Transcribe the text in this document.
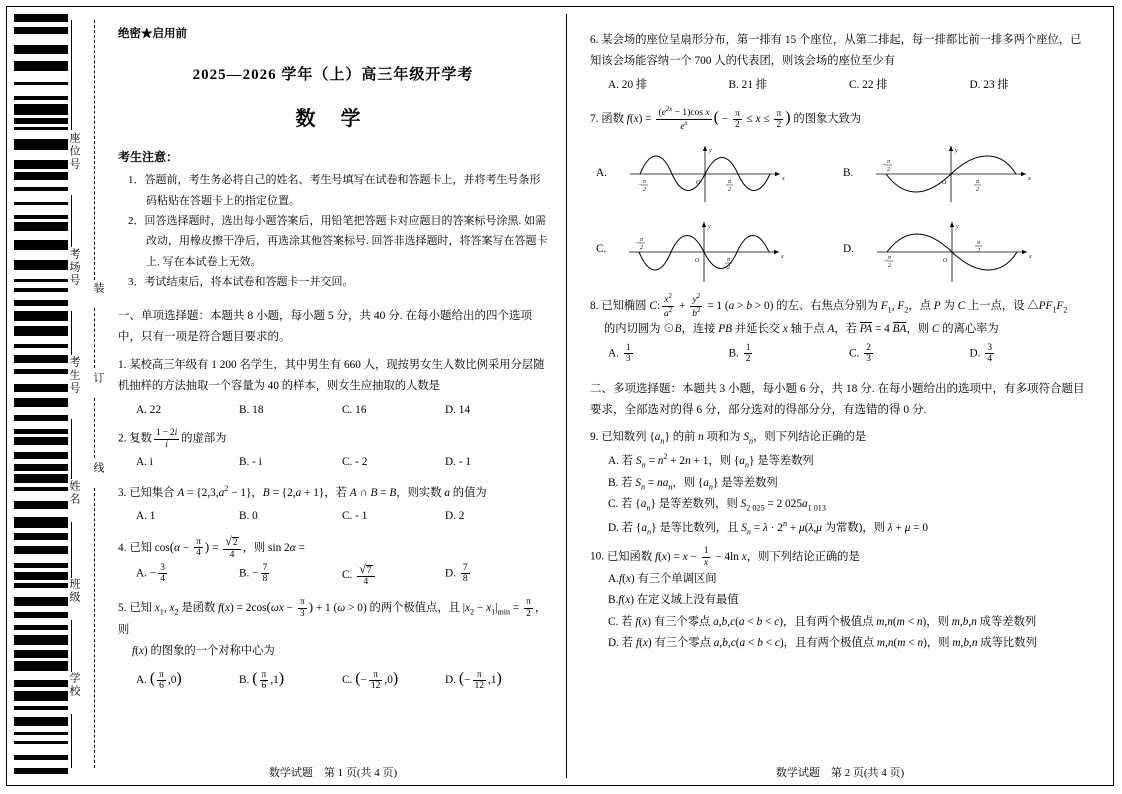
座位号
考场号
考生号
姓名
班级
学校
装
订
线
绝密★启用前
2025—2026 学年（上）高三年级开学考
数 学
考生注意：
1．答题前，考生务必将自己的姓名、考生号填写在试卷和答题卡上，并将考生号条形码粘贴在答题卡上的指定位置。
2．回答选择题时，选出每小题答案后，用铅笔把答题卡对应题目的答案标号涂黑. 如需改动，用橡皮擦干净后，再选涂其他答案标号. 回答非选择题时，将答案写在答题卡上. 写在本试卷上无效。
3．考试结束后，将本试卷和答题卡一并交回。
一、单项选择题：本题共 8 小题，每小题 5 分，共 40 分. 在每小题给出的四个选项中，只有一项是符合题目要求的。
1. 某校高三年级有 1 200 名学生，其中男生有 660 人，现按男女生人数比例采用分层随机抽样的方法抽取一个容量为 40 的样本，则女生应抽取的人数是
A. 22	B. 18	C. 16	D. 14
2. 复数 $\frac{1 - 2i}{i}$ 的虚部为
A. i	B. - i	C. - 2	D. - 1
3. 已知集合 $A = \{2,3,a^2 - 1\}$，B = {2,a + 1}，若 A ∩ B = B，则实数 a 的值为
A. 1	B. 0	C. - 1	D. 2
4. 已知 $\cos(\alpha - \frac{\pi}{4}$ ) = $\frac{√2}{4}$ ，则 sin 2α =
A. − $\frac{3}{4}$	B. − $\frac{7}{8}$	C. $\frac{√7}{4}$	D. $\frac{7}{8}$
5. 已知 $x_1$, $x_2$ 是函数 $f(x) = 2\cos(\omega x - \frac{\pi}{3}$ ) + 1 (ω > 0) 的两个极值点，且 $|x_2 - x_1|_{min} = \frac{\pi}{2}$ ，则
f(x) 的图象的一个对称中心为
A. ( $\frac{\pi}{6} ,0$)	B. ( $\frac{\pi}{6} ,1$)	C. (− $\frac{\pi}{12} ,0$)	D. (− $\frac{\pi}{12} ,1$)
6. 某会场的座位呈扇形分布，第一排有 15 个座位，从第二排起，每一排都比前一排多两个座位，已知该会场能容纳一个 700 人的代表团，则该会场的座位至少有
A. 20 排	B. 21 排	C. 22 排	D. 23 排
7. 函数 $f(x) = \frac{(e^{2x} - 1)\cos x}{e^x}$ ( − $\frac{\pi}{2} \le x \le \frac{\pi}{2}$ ) 的图象大致为
A.	x
y
− π
2
π
2
O
B.	x
y
− π
2
π
2
O
C.
x
y
− π
2
π
2
O
D.
x
y
− π
2
π
2
O
8. 已知椭圆 C: $\frac{x^2}{a^2} + \frac{y^2}{b^2} = 1$ (a > b > 0) 的左、右焦点分别为 $F_1$, $F_2$，点 P 为 C 上一点，设 $\triangle PF_1F_2$
的内切圆为 ⊙B，连接 PB 并延长交 x 轴于点 A，若 PA = 4 BA，则 C 的离心率为
A. $\frac{1}{3}$	B. $\frac{1}{2}$	C. $\frac{2}{3}$	D. $\frac{3}{4}$
二、多项选择题：本题共 3 小题，每小题 6 分，共 18 分. 在每小题给出的选项中，有多项符合题目要求，全部选对的得 6 分，部分选对的得部分分，有选错的得 0 分.
9. 已知数列 $\{a_n\}$ 的前 n 项和为 $S_n$，则下列结论正确的是
A. 若 $S_n = n^2 + 2n + 1$，则 $\{a_n\}$ 是等差数列
B. 若 $S_n = na_n$，则 $\{a_n\}$ 是等差数列
C. 若 $\{a_n\}$ 是等差数列，则 $S_{2 025} = 2$ $025a_{1 013}$
D. 若 $\{a_n\}$ 是等比数列，且 $S_n = \lambda \cdot 2^n + \mu(\lambda,\mu$ 为常数)，则 λ + μ = 0
10. 已知函数 $f(x) = x - \frac{1}{x} - 4\ln$ x，则下列结论正确的是
A.f(x) 有三个单调区间
B.f(x) 在定义域上没有最值
C. 若 f(x) 有三个零点 a,b,c(a < b < c)，且有两个极值点 m,n(m < n)，则 m,b,n 成等差数列
D. 若 f(x) 有三个零点 a,b,c(a < b < c)，且有两个极值点 m,n(m < n)，则 m,b,n 成等比数列
数学试题　第 1 页(共 4 页)	数学试题　第 2 页(共 4 页)
